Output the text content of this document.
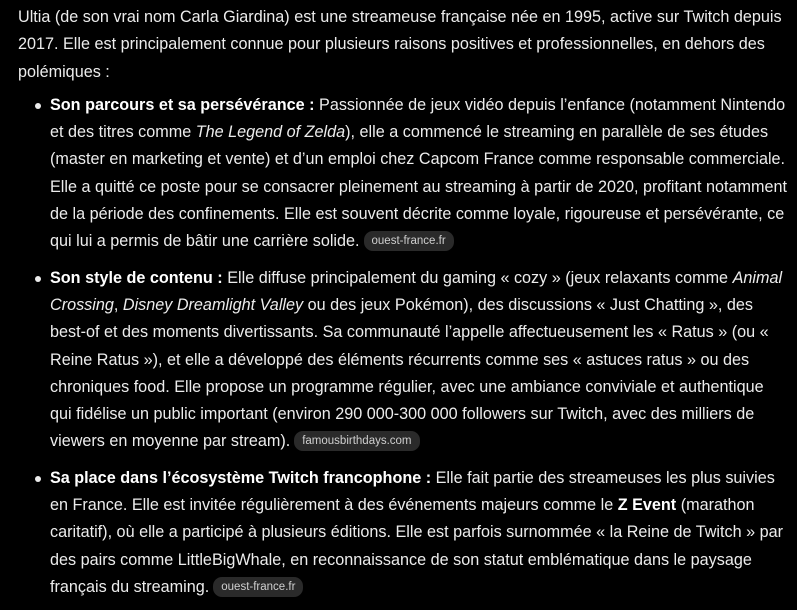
Ultia (de son vrai nom Carla Giardina) est une streameuse française née en 1995, active sur Twitch depuis 2017. Elle est principalement connue pour plusieurs raisons positives et professionnelles, en dehors des polémiques :

Son parcours et sa persévérance : Passionnée de jeux vidéo depuis l’enfance (notamment Nintendo et des titres comme The Legend of Zelda), elle a commencé le streaming en parallèle de ses études (master en marketing et vente) et d’un emploi chez Capcom France comme responsable commerciale. Elle a quitté ce poste pour se consacrer pleinement au streaming à partir de 2020, profitant notamment de la période des confinements. Elle est souvent décrite comme loyale, rigoureuse et persévérante, ce qui lui a permis de bâtir une carrière solide. ouest-france.fr
Son style de contenu : Elle diffuse principalement du gaming « cozy » (jeux relaxants comme Animal Crossing, Disney Dreamlight Valley ou des jeux Pokémon), des discussions « Just Chatting », des best-of et des moments divertissants. Sa communauté l’appelle affectueusement les « Ratus » (ou « Reine Ratus »), et elle a développé des éléments récurrents comme ses « astuces ratus » ou des chroniques food. Elle propose un programme régulier, avec une ambiance conviviale et authentique qui fidélise un public important (environ 290 000-300 000 followers sur Twitch, avec des milliers de viewers en moyenne par stream). famousbirthdays.com
Sa place dans l’écosystème Twitch francophone : Elle fait partie des streameuses les plus suivies en France. Elle est invitée régulièrement à des événements majeurs comme le Z Event (marathon caritatif), où elle a participé à plusieurs éditions. Elle est parfois surnommée « la Reine de Twitch » par des pairs comme LittleBigWhale, en reconnaissance de son statut emblématique dans le paysage français du streaming. ouest-france.fr
